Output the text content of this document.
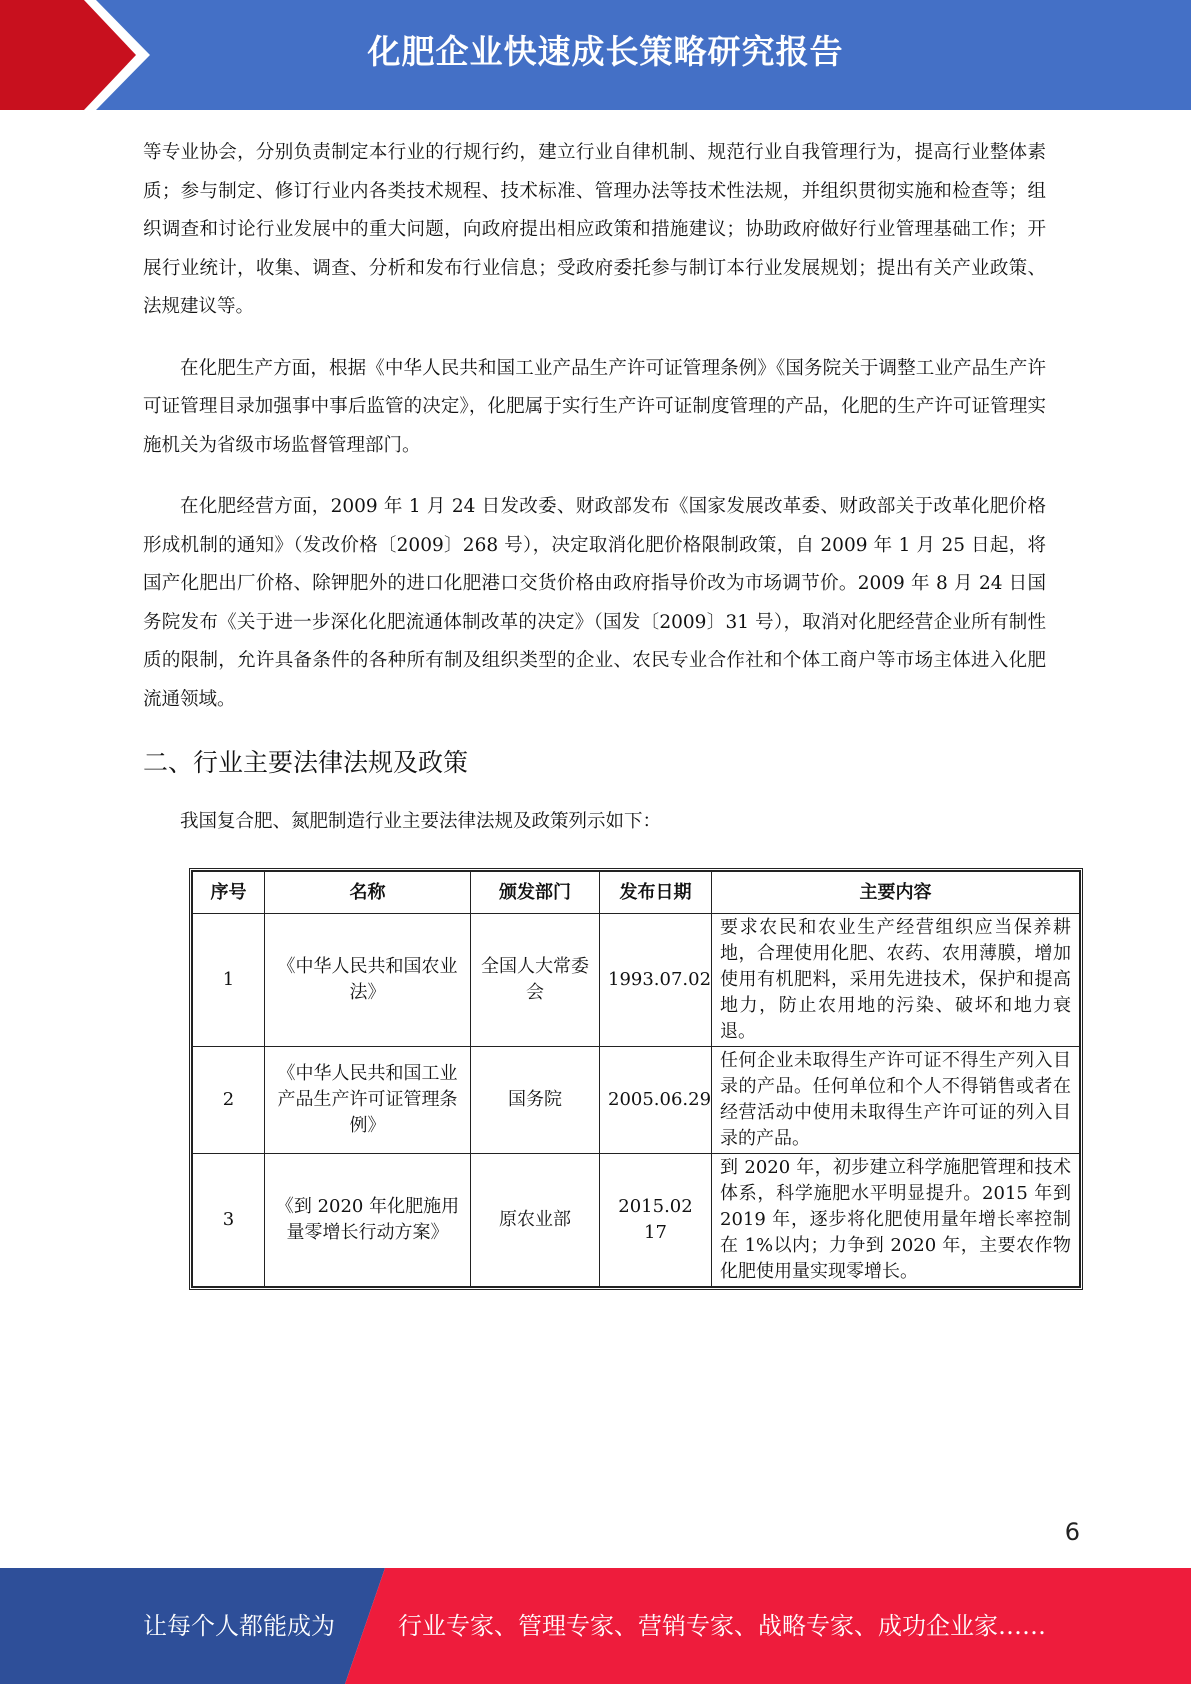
化肥企业快速成长策略研究报告

等专业协会，分别负责制定本行业的行规行约，建立行业自律机制、规范行业自我管理行为，提高行业整体素质；参与制定、修订行业内各类技术规程、技术标准、管理办法等技术性法规，并组织贯彻实施和检查等；组织调查和讨论行业发展中的重大问题，向政府提出相应政策和措施建议；协助政府做好行业管理基础工作；开展行业统计，收集、调查、分析和发布行业信息；受政府委托参与制订本行业发展规划；提出有关产业政策、法规建议等。

在化肥生产方面，根据《中华人民共和国工业产品生产许可证管理条例》《国务院关于调整工业产品生产许可证管理目录加强事中事后监管的决定》，化肥属于实行生产许可证制度管理的产品，化肥的生产许可证管理实施机关为省级市场监督管理部门。

在化肥经营方面，2009 年 1 月 24 日发改委、财政部发布《国家发展改革委、财政部关于改革化肥价格形成机制的通知》（发改价格〔2009〕268 号），决定取消化肥价格限制政策，自 2009 年 1 月 25 日起，将国产化肥出厂价格、除钾肥外的进口化肥港口交货价格由政府指导价改为市场调节价。2009 年 8 月 24 日国务院发布《关于进一步深化化肥流通体制改革的决定》（国发〔2009〕31 号），取消对化肥经营企业所有制性质的限制，允许具备条件的各种所有制及组织类型的企业、农民专业合作社和个体工商户等市场主体进入化肥流通领域。

二、行业主要法律法规及政策

我国复合肥、氮肥制造行业主要法律法规及政策列示如下：

序号	名称	颁发部门	发布日期	主要内容
1	《中华人民共和国农业法》	全国人大常委会	1993.07.02	要求农民和农业生产经营组织应当保养耕地，合理使用化肥、农药、农用薄膜，增加使用有机肥料，采用先进技术，保护和提高地力，防止农用地的污染、破坏和地力衰退。
2	《中华人民共和国工业产品生产许可证管理条例》	国务院	2005.06.29	任何企业未取得生产许可证不得生产列入目录的产品。任何单位和个人不得销售或者在经营活动中使用未取得生产许可证的列入目录的产品。
3	《到 2020 年化肥施用量零增长行动方案》	原农业部	2015.02 17	到 2020 年，初步建立科学施肥管理和技术体系，科学施肥水平明显提升。2015 年到 2019 年，逐步将化肥使用量年增长率控制在 1%以内；力争到 2020 年，主要农作物化肥使用量实现零增长。
6
让每个人都能成为	行业专家、管理专家、营销专家、战略专家、成功企业家……
